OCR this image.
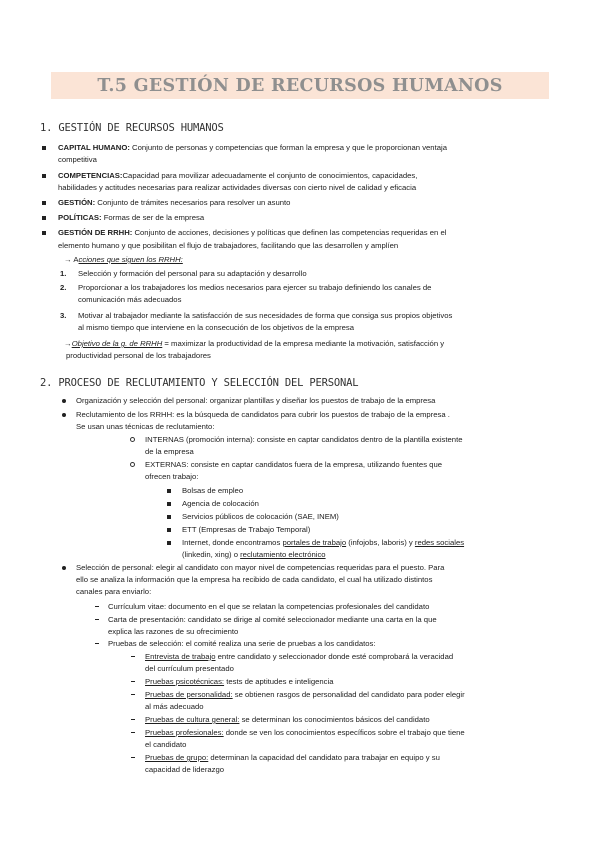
T.5 GESTIÓN DE RECURSOS HUMANOS
1. GESTIÓN DE RECURSOS HUMANOS
CAPITAL HUMANO: Conjunto de personas y competencias que forman la empresa y que le proporcionan ventaja
competitiva
COMPETENCIAS:Capacidad para movilizar adecuadamente el conjunto de conocimientos, capacidades,
habilidades y actitudes necesarias para realizar actividades diversas con cierto nivel de calidad y eficacia
GESTIÓN: Conjunto de trámites necesarios para resolver un asunto
POLÍTICAS: Formas de ser de la empresa
GESTIÓN DE RRHH: Conjunto de acciones, decisiones y políticas que definen las competencias requeridas en el
elemento humano y que posibilitan el flujo de trabajadores, facilitando que las desarrollen y amplíen
→ Acciones que siguen los RRHH:
1. Selección y formación del personal para su adaptación y desarrollo
2. Proporcionar a los trabajadores los medios necesarios para ejercer su trabajo definiendo los canales de
comunicación más adecuados
3. Motivar al trabajador mediante la satisfacción de sus necesidades de forma que consiga sus propios objetivos
al mismo tiempo que interviene en la consecución de los objetivos de la empresa
→Objetivo de la g. de RRHH = maximizar la productividad de la empresa mediante la motivación, satisfacción y
productividad personal de los trabajadores
2. PROCESO DE RECLUTAMIENTO Y SELECCIÓN DEL PERSONAL
Organización y selección del personal: organizar plantillas y diseñar los puestos de trabajo de la empresa
Reclutamiento de los RRHH: es la búsqueda de candidatos para cubrir los puestos de trabajo de la empresa .
Se usan unas técnicas de reclutamiento:
INTERNAS (promoción interna): consiste en captar candidatos dentro de la plantilla existente
de la empresa
EXTERNAS: consiste en captar candidatos fuera de la empresa, utilizando fuentes que
ofrecen trabajo:
Bolsas de empleo
Agencia de colocación
Servicios públicos de colocación (SAE, INEM)
ETT (Empresas de Trabajo Temporal)
Internet, donde encontramos portales de trabajo (infojobs, laboris) y redes sociales
(linkedin, xing) o reclutamiento electrónico
Selección de personal: elegir al candidato con mayor nivel de competencias requeridas para el puesto. Para
ello se analiza la información que la empresa ha recibido de cada candidato, el cual ha utilizado distintos
canales para enviarlo:
Currículum vitae: documento en el que se relatan la competencias profesionales del candidato
Carta de presentación: candidato se dirige al comité seleccionador mediante una carta en la que
explica las razones de su ofrecimiento
Pruebas de selección: el comité realiza una serie de pruebas a los candidatos:
Entrevista de trabajo entre candidato y seleccionador donde esté comprobará la veracidad
del currículum presentado
Pruebas psicotécnicas: tests de aptitudes e inteligencia
Pruebas de personalidad: se obtienen rasgos de personalidad del candidato para poder elegir
al más adecuado
Pruebas de cultura general: se determinan los conocimientos básicos del candidato
Pruebas profesionales: donde se ven los conocimientos específicos sobre el trabajo que tiene
el candidato
Pruebas de grupo: determinan la capacidad del candidato para trabajar en equipo y su
capacidad de liderazgo
